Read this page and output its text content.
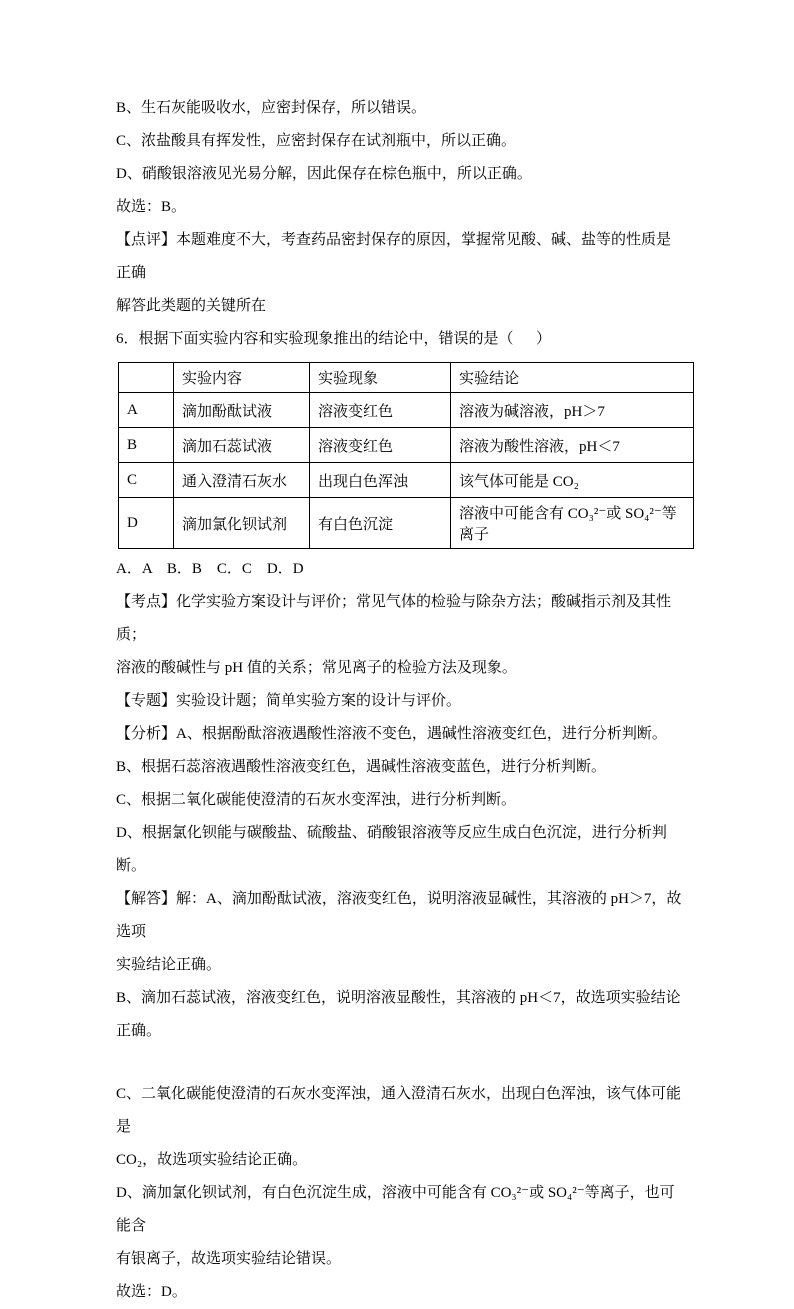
B、生石灰能吸收水，应密封保存，所以错误。
C、浓盐酸具有挥发性，应密封保存在试剂瓶中，所以正确。
D、硝酸银溶液见光易分解，因此保存在棕色瓶中，所以正确。
故选：B。
【点评】本题难度不大，考查药品密封保存的原因，掌握常见酸、碱、盐等的性质是正确
解答此类题的关键所在
6．根据下面实验内容和实验现象推出的结论中，错误的是（      ）
	实验内容	实验现象	实验结论
A	滴加酚酞试液	溶液变红色	溶液为碱溶液，pH＞7
B	滴加石蕊试液	溶液变红色	溶液为酸性溶液，pH＜7
C	通入澄清石灰水	出现白色浑浊	该气体可能是 CO₂
D	滴加氯化钡试剂	有白色沉淀	溶液中可能含有 CO₃²⁻或 SO₄²⁻等离子
A．A    B．B    C．C    D．D
【考点】化学实验方案设计与评价；常见气体的检验与除杂方法；酸碱指示剂及其性质；
溶液的酸碱性与 pH 值的关系；常见离子的检验方法及现象。
【专题】实验设计题；简单实验方案的设计与评价。
【分析】A、根据酚酞溶液遇酸性溶液不变色，遇碱性溶液变红色，进行分析判断。
B、根据石蕊溶液遇酸性溶液变红色，遇碱性溶液变蓝色，进行分析判断。
C、根据二氧化碳能使澄清的石灰水变浑浊，进行分析判断。
D、根据氯化钡能与碳酸盐、硫酸盐、硝酸银溶液等反应生成白色沉淀，进行分析判断。
【解答】解：A、滴加酚酞试液，溶液变红色，说明溶液显碱性，其溶液的 pH＞7，故选项
实验结论正确。
B、滴加石蕊试液，溶液变红色，说明溶液显酸性，其溶液的 pH＜7，故选项实验结论正确。
C、二氧化碳能使澄清的石灰水变浑浊，通入澄清石灰水，出现白色浑浊，该气体可能是
CO₂，故选项实验结论正确。
D、滴加氯化钡试剂，有白色沉淀生成，溶液中可能含有 CO₃²⁻或 SO₄²⁻等离子，也可能含
有银离子，故选项实验结论错误。
故选：D。
